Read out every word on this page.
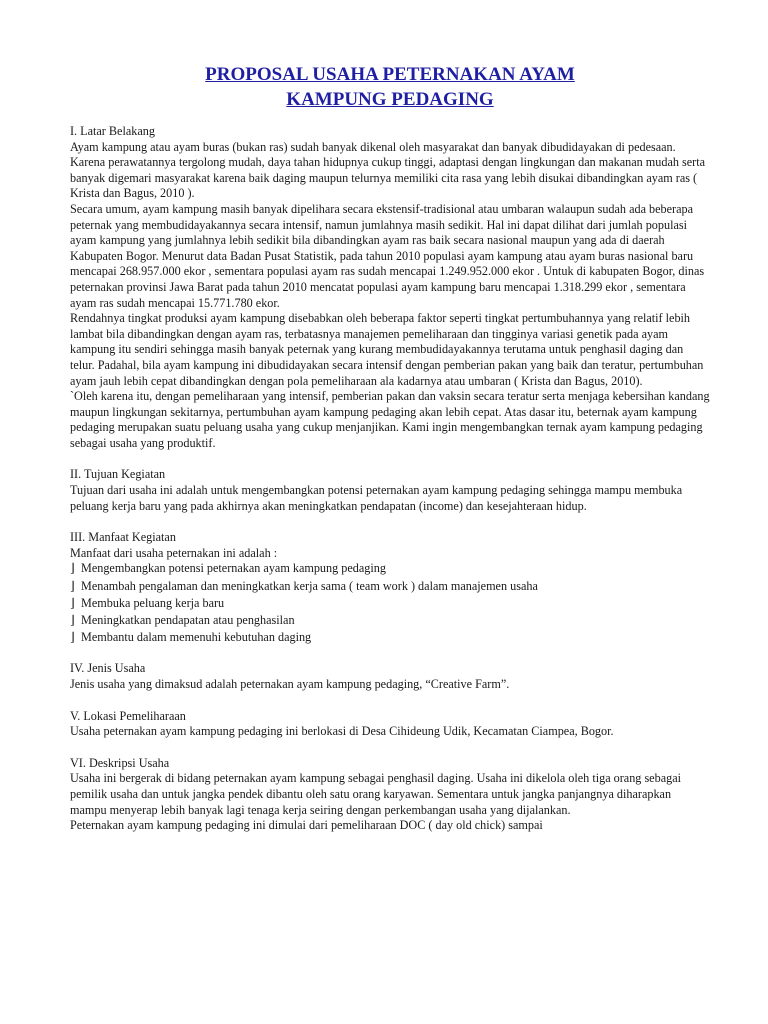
PROPOSAL USAHA PETERNAKAN AYAM
KAMPUNG PEDAGING

I. Latar Belakang

Ayam kampung atau ayam buras (bukan ras) sudah banyak dikenal oleh masyarakat dan banyak dibudidayakan di pedesaan. Karena perawatannya tergolong mudah, daya tahan hidupnya cukup tinggi, adaptasi dengan lingkungan dan makanan mudah serta banyak digemari masyarakat karena baik daging maupun telurnya memiliki cita rasa yang lebih disukai dibandingkan ayam ras ( Krista dan Bagus, 2010 ).

Secara umum, ayam kampung masih banyak dipelihara secara ekstensif-tradisional atau umbaran walaupun sudah ada beberapa peternak yang membudidayakannya secara intensif, namun jumlahnya masih sedikit. Hal ini dapat dilihat dari jumlah populasi ayam kampung yang jumlahnya lebih sedikit bila dibandingkan ayam ras baik secara nasional maupun yang ada di daerah Kabupaten Bogor. Menurut data Badan Pusat Statistik, pada tahun 2010 populasi ayam kampung atau ayam buras nasional baru mencapai 268.957.000 ekor , sementara populasi ayam ras sudah mencapai 1.249.952.000 ekor . Untuk di kabupaten Bogor, dinas peternakan provinsi Jawa Barat pada tahun 2010 mencatat populasi ayam kampung baru mencapai 1.318.299 ekor , sementara ayam ras sudah mencapai 15.771.780 ekor.

Rendahnya tingkat produksi ayam kampung disebabkan oleh beberapa faktor seperti tingkat pertumbuhannya yang relatif lebih lambat bila dibandingkan dengan ayam ras, terbatasnya manajemen pemeliharaan dan tingginya variasi genetik pada ayam kampung itu sendiri sehingga masih banyak peternak yang kurang membudidayakannya terutama untuk penghasil daging dan telur. Padahal, bila ayam kampung ini dibudidayakan secara intensif dengan pemberian pakan yang baik dan teratur, pertumbuhan ayam jauh lebih cepat dibandingkan dengan pola pemeliharaan ala kadarnya atau umbaran ( Krista dan Bagus, 2010).

`Oleh karena itu, dengan pemeliharaan yang intensif, pemberian pakan dan vaksin secara teratur serta menjaga kebersihan kandang maupun lingkungan sekitarnya, pertumbuhan ayam kampung pedaging akan lebih cepat. Atas dasar itu, beternak ayam kampung pedaging merupakan suatu peluang usaha yang cukup menjanjikan. Kami ingin mengembangkan ternak ayam kampung pedaging sebagai usaha yang produktif.

II. Tujuan Kegiatan

Tujuan dari usaha ini adalah untuk mengembangkan potensi peternakan ayam kampung pedaging sehingga mampu membuka peluang kerja baru yang pada akhirnya akan meningkatkan pendapatan (income) dan kesejahteraan hidup.

III. Manfaat Kegiatan

Manfaat dari usaha peternakan ini adalah :

⌋ Mengembangkan potensi peternakan ayam kampung pedaging
⌋ Menambah pengalaman dan meningkatkan kerja sama ( team work ) dalam manajemen usaha
⌋ Membuka peluang kerja baru
⌋ Meningkatkan pendapatan atau penghasilan
⌋ Membantu dalam memenuhi kebutuhan daging

IV. Jenis Usaha

Jenis usaha yang dimaksud adalah peternakan ayam kampung pedaging, “Creative Farm”.

V. Lokasi Pemeliharaan

Usaha peternakan ayam kampung pedaging ini berlokasi di Desa Cihideung Udik, Kecamatan Ciampea, Bogor.

VI. Deskripsi Usaha

Usaha ini bergerak di bidang peternakan ayam kampung sebagai penghasil daging. Usaha ini dikelola oleh tiga orang sebagai pemilik usaha dan untuk jangka pendek dibantu oleh satu orang karyawan. Sementara untuk jangka panjangnya diharapkan mampu menyerap lebih banyak lagi tenaga kerja seiring dengan perkembangan usaha yang dijalankan.

Peternakan ayam kampung pedaging ini dimulai dari pemeliharaan DOC ( day old chick) sampai
